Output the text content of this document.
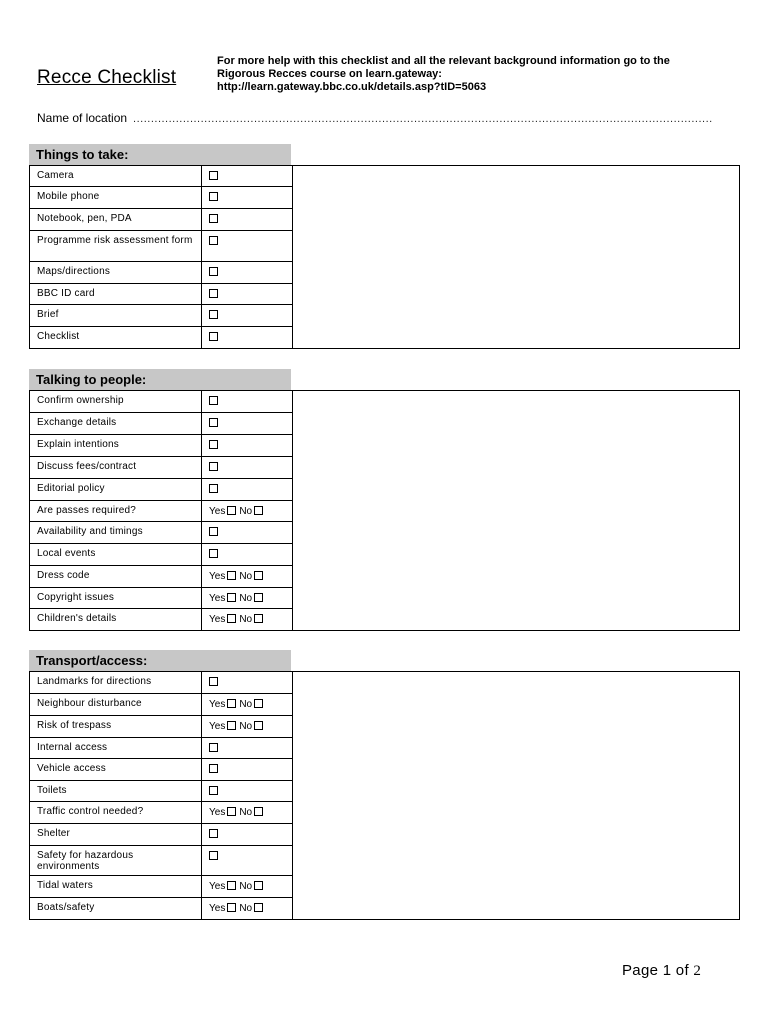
Recce Checklist
For more help with this checklist and all the relevant background information go to the
Rigorous Recces course on learn.gateway:
http://learn.gateway.bbc.co.uk/details.asp?tID=5063
Name of location ...................................................................................................................................................................
Things to take:
Camera
Mobile phone
Notebook, pen, PDA
Programme risk assessment form
Maps/directions
BBC ID card
Brief
Checklist
Talking to people:
Confirm ownership
Exchange details
Explain intentions
Discuss fees/contract
Editorial policy
Are passes required?	Yes No
Availability and timings
Local events
Dress code	Yes No
Copyright issues	Yes No
Children's details	Yes No
Transport/access:
Landmarks for directions
Neighbour disturbance	Yes No
Risk of trespass	Yes No
Internal access
Vehicle access
Toilets
Traffic control needed?	Yes No
Shelter
Safety for hazardous environments
Tidal waters	Yes No
Boats/safety	Yes No
Page 1 of 2
